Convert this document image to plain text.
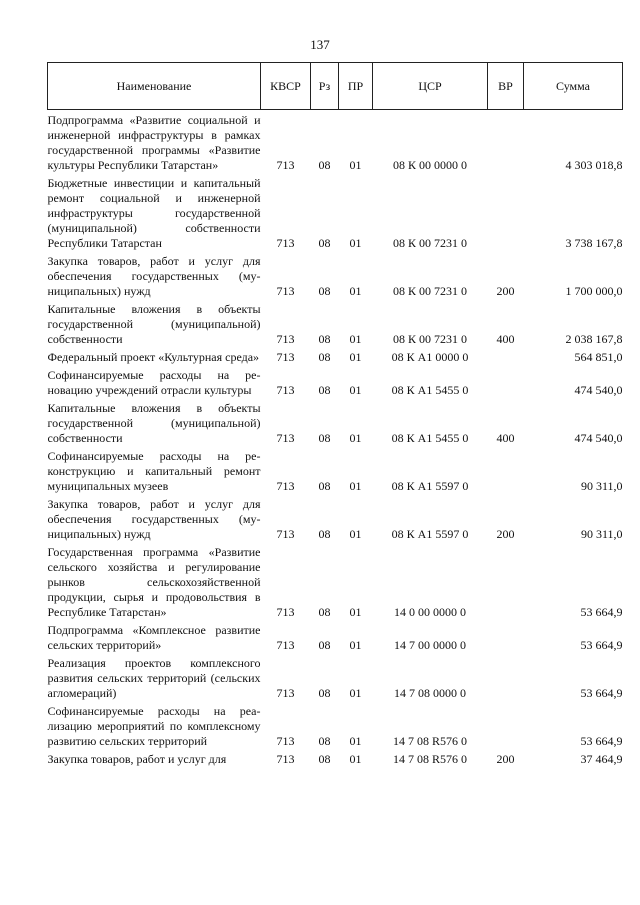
137
Наименование	КВСР	Рз	ПР	ЦСР	ВР	Сумма
Подпрограмма «Развитие социальной и инженерной инфраструктуры в рамках государственной программы «Развитие культуры Республики Татарстан»	713	08	01	08 К 00 0000 0		4 303 018,8
Бюджетные инвестиции и капитальный ремонт социальной и инженерной инфраструктуры государственной (муниципальной) собственности Республики Татарстан	713	08	01	08 К 00 7231 0		3 738 167,8
Закупка товаров, работ и услуг для обеспечения государственных (муниципальных) нужд	713	08	01	08 К 00 7231 0	200	1 700 000,0
Капитальные вложения в объекты государственной (муниципальной) собственности	713	08	01	08 К 00 7231 0	400	2 038 167,8
Федеральный проект «Культурная среда»	713	08	01	08 К А1 0000 0		564 851,0
Софинансируемые расходы на реновацию учреждений отрасли культуры	713	08	01	08 К А1 5455 0		474 540,0
Капитальные вложения в объекты государственной (муниципальной) собственности	713	08	01	08 К А1 5455 0	400	474 540,0
Софинансируемые расходы на реконструкцию и капитальный ремонт муниципальных музеев	713	08	01	08 К А1 5597 0		90 311,0
Закупка товаров, работ и услуг для обеспечения государственных (муниципальных) нужд	713	08	01	08 К А1 5597 0	200	90 311,0
Государственная программа «Развитие сельского хозяйства и регулирование рынков сельскохозяйственной продукции, сырья и продовольствия в Республике Татарстан»	713	08	01	14 0 00 0000 0		53 664,9
Подпрограмма «Комплексное развитие сельских территорий»	713	08	01	14 7 00 0000 0		53 664,9
Реализация проектов комплексного развития сельских территорий (сельских агломераций)	713	08	01	14 7 08 0000 0		53 664,9
Софинансируемые расходы на реализацию мероприятий по комплексному развитию сельских территорий	713	08	01	14 7 08 R576 0		53 664,9
Закупка товаров, работ и услуг для	713	08	01	14 7 08 R576 0	200	37 464,9
